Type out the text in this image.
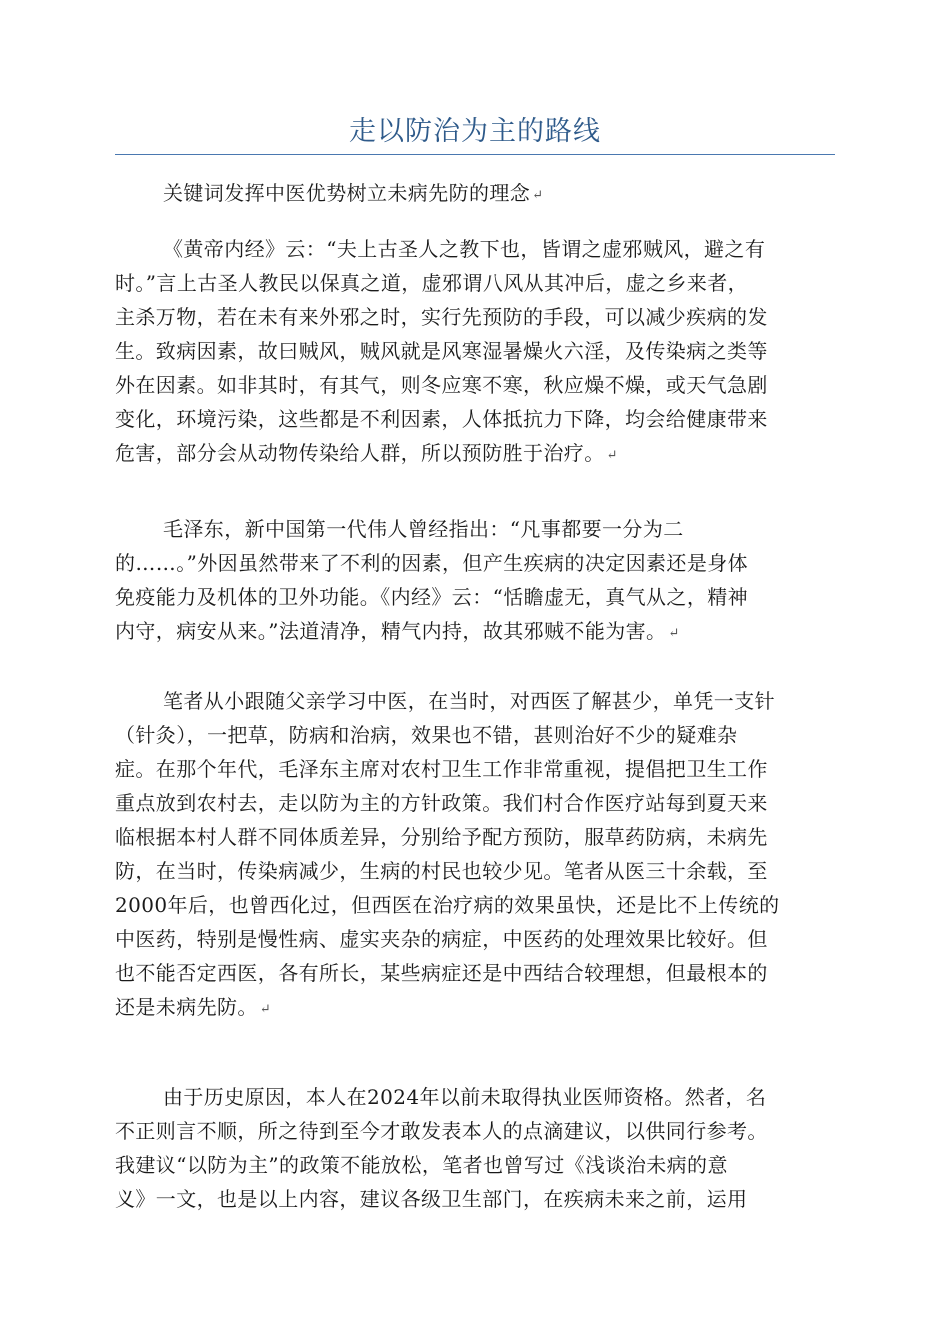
走以防治为主的路线
关键词发挥中医优势树立未病先防的理念 ↵
《黄帝内经》云：“夫上古圣人之教下也，皆谓之虚邪贼风，避之有
时。”言上古圣人教民以保真之道，虚邪谓八风从其冲后，虚之乡来者，
主杀万物，若在未有来外邪之时，实行先预防的手段，可以减少疾病的发
生。致病因素，故曰贼风，贼风就是风寒湿暑燥火六淫，及传染病之类等
外在因素。如非其时，有其气，则冬应寒不寒，秋应燥不燥，或天气急剧
变化，环境污染，这些都是不利因素，人体抵抗力下降，均会给健康带来
危害，部分会从动物传染给人群，所以预防胜于治疗。 ↵
毛泽东，新中国第一代伟人曾经指出：“凡事都要一分为二
的……。”外因虽然带来了不利的因素，但产生疾病的决定因素还是身体
免疫能力及机体的卫外功能。《内经》云：“恬瞻虚无，真气从之，精神
内守，病安从来。”法道清净，精气内持，故其邪贼不能为害。 ↵
笔者从小跟随父亲学习中医，在当时，对西医了解甚少，单凭一支针
（针灸），一把草，防病和治病，效果也不错，甚则治好不少的疑难杂
症。在那个年代，毛泽东主席对农村卫生工作非常重视，提倡把卫生工作
重点放到农村去，走以防为主的方针政策。我们村合作医疗站每到夏天来
临根据本村人群不同体质差异，分别给予配方预防，服草药防病，未病先
防，在当时，传染病减少，生病的村民也较少见。笔者从医三十余载，至
2000年后，也曾西化过，但西医在治疗病的效果虽快，还是比不上传统的
中医药，特别是慢性病、虚实夹杂的病症，中医药的处理效果比较好。但
也不能否定西医，各有所长，某些病症还是中西结合较理想，但最根本的
还是未病先防。 ↵
由于历史原因，本人在2024年以前未取得执业医师资格。然者，名
不正则言不顺，所之待到至今才敢发表本人的点滴建议，以供同行参考。
我建议“以防为主”的政策不能放松，笔者也曾写过《浅谈治未病的意
义》一文，也是以上内容，建议各级卫生部门，在疾病未来之前，运用
